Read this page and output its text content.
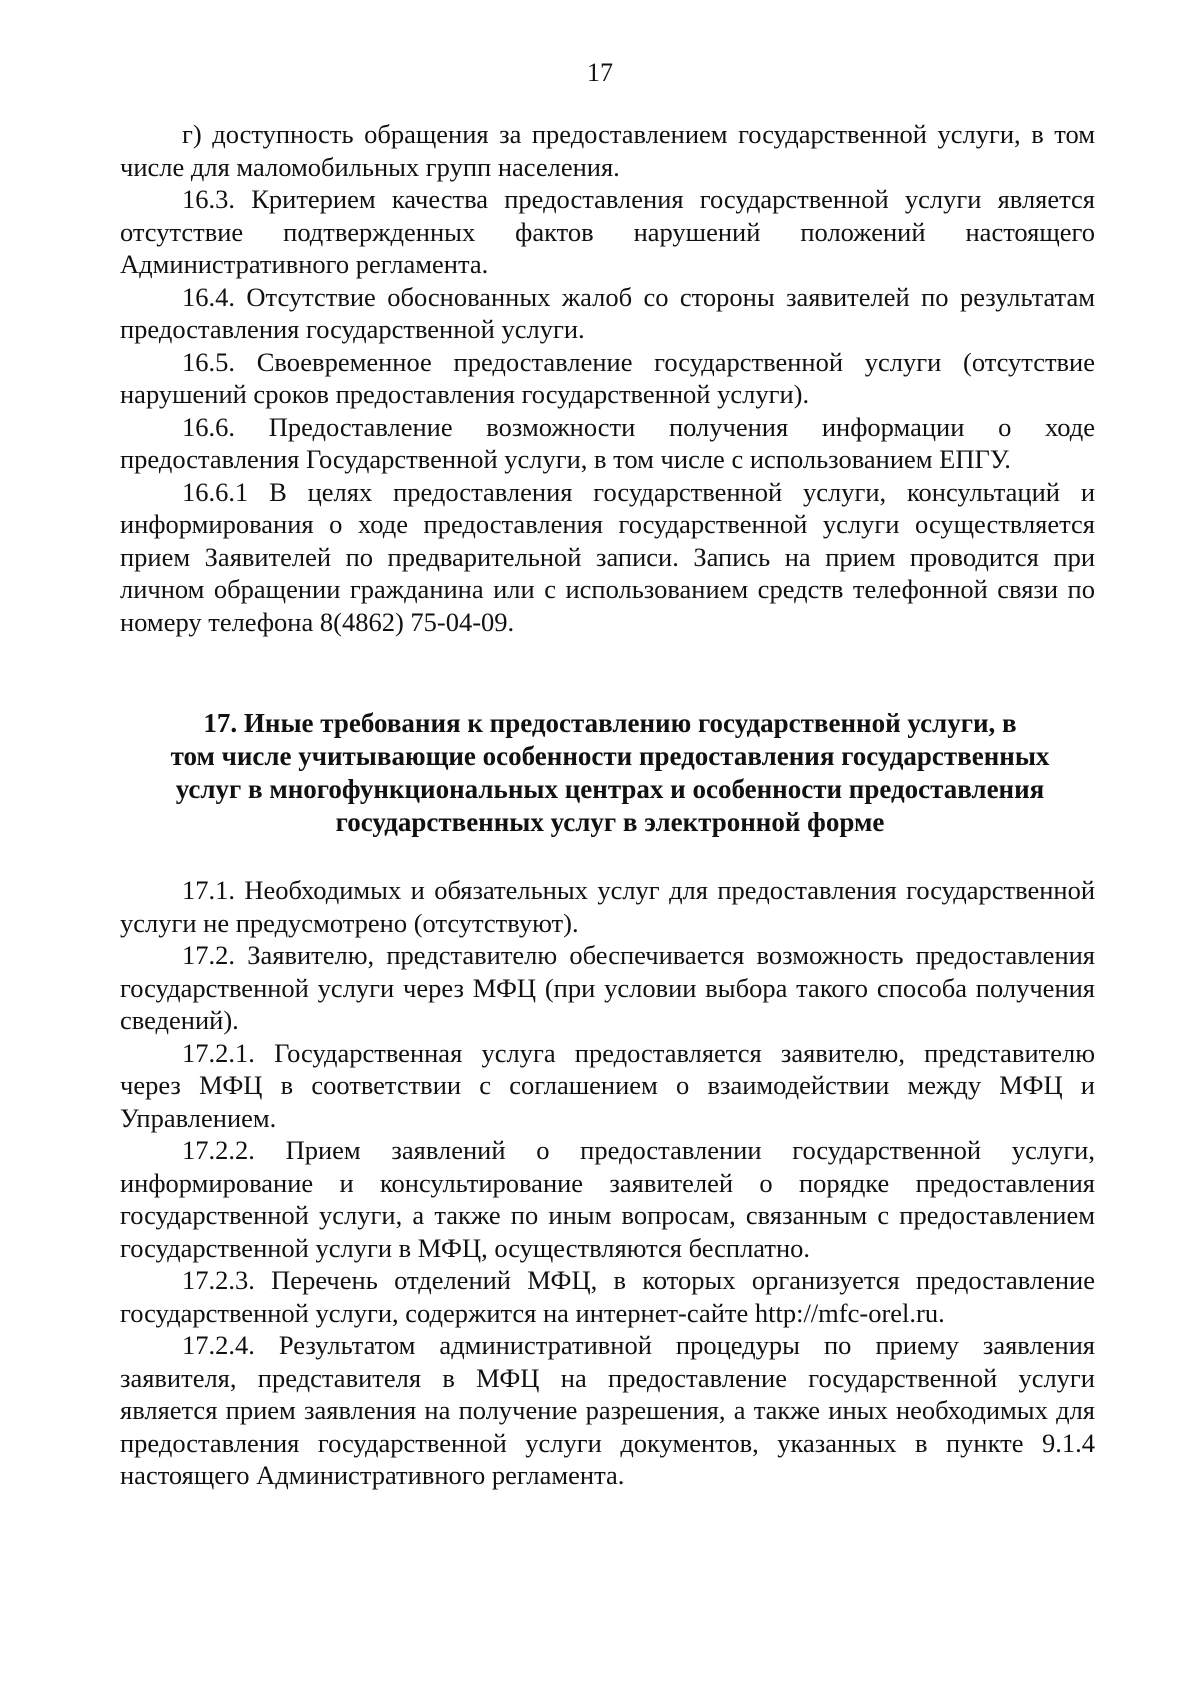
17

г) доступность обращения за предоставлением государственной услуги, в том числе для маломобильных групп населения.

16.3. Критерием качества предоставления государственной услуги является отсутствие подтвержденных фактов нарушений положений настоящего Административного регламента.

16.4. Отсутствие обоснованных жалоб со стороны заявителей по результатам предоставления государственной услуги.

16.5. Своевременное предоставление государственной услуги (отсутствие нарушений сроков предоставления государственной услуги).

16.6. Предоставление возможности получения информации о ходе предоставления Государственной услуги, в том числе с использованием ЕПГУ.

16.6.1 В целях предоставления государственной услуги, консультаций и информирования о ходе предоставления государственной услуги осуществляется прием Заявителей по предварительной записи. Запись на прием проводится при личном обращении гражданина или с использованием средств телефонной связи по номеру телефона 8(4862) 75-04-09.

17. Иные требования к предоставлению государственной услуги, в
том числе учитывающие особенности предоставления государственных
услуг в многофункциональных центрах и особенности предоставления
государственных услуг в электронной форме

17.1. Необходимых и обязательных услуг для предоставления государственной услуги не предусмотрено (отсутствуют).

17.2. Заявителю, представителю обеспечивается возможность предоставления государственной услуги через МФЦ (при условии выбора такого способа получения сведений).

17.2.1. Государственная услуга предоставляется заявителю, представителю через МФЦ в соответствии с соглашением о взаимодействии между МФЦ и Управлением.

17.2.2. Прием заявлений о предоставлении государственной услуги, информирование и консультирование заявителей о порядке предоставления государственной услуги, а также по иным вопросам, связанным с предоставлением государственной услуги в МФЦ, осуществляются бесплатно.

17.2.3. Перечень отделений МФЦ, в которых организуется предоставление государственной услуги, содержится на интернет-сайте http://mfc-orel.ru.

17.2.4. Результатом административной процедуры по приему заявления заявителя, представителя в МФЦ на предоставление государственной услуги является прием заявления на получение разрешения, а также иных необходимых для предоставления государственной услуги документов, указанных в пункте 9.1.4 настоящего Административного регламента.
